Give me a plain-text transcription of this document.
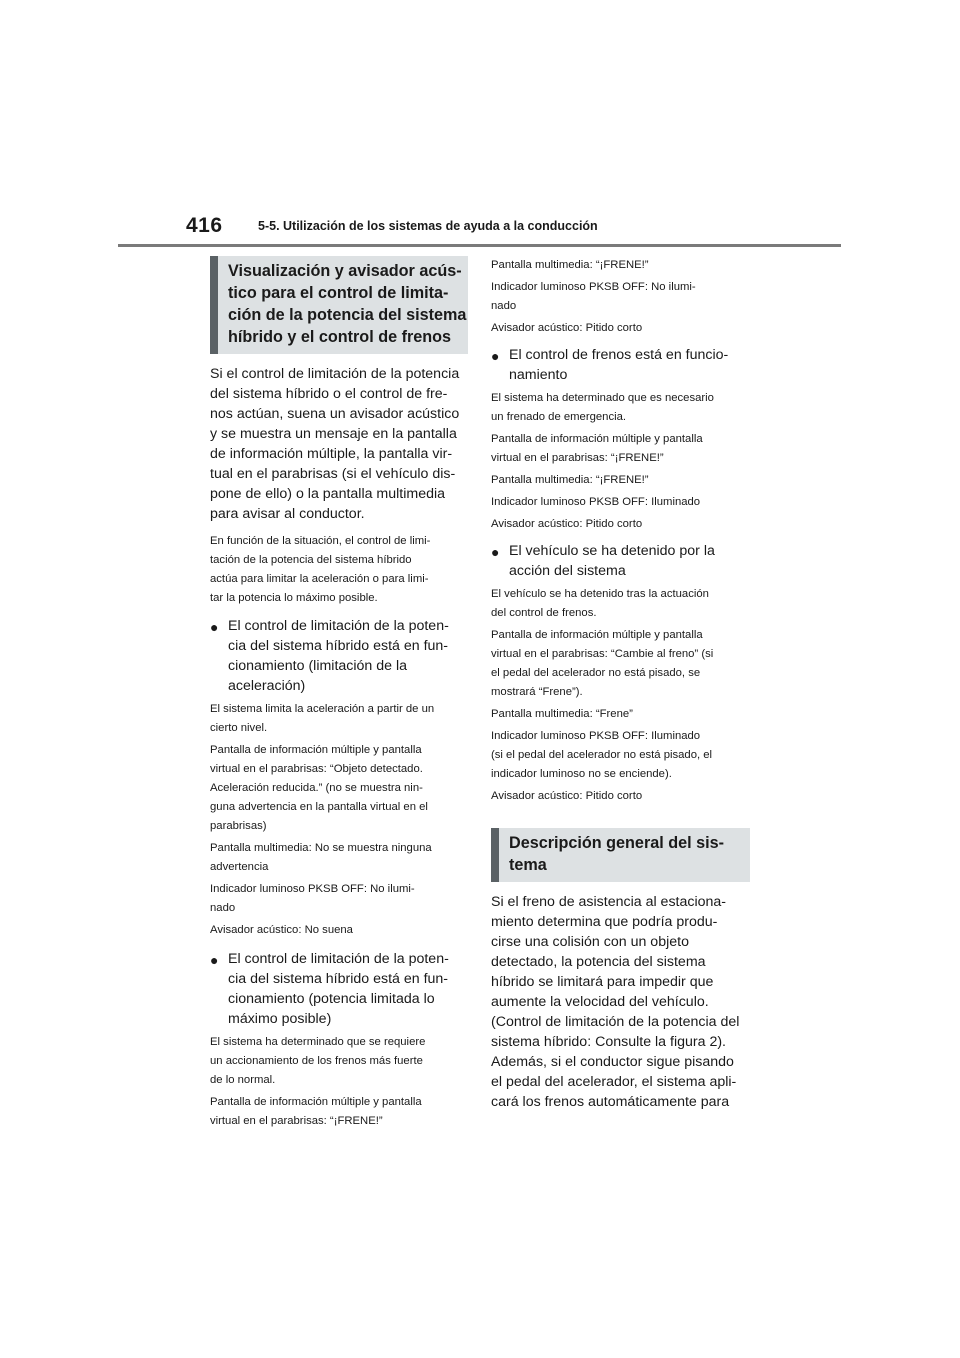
416	5-5. Utilización de los sistemas de ayuda a la conducción
Visualización y avisador acús-
tico para el control de limita-
ción de la potencia del sistema
híbrido y el control de frenos
Si el control de limitación de la potencia
del sistema híbrido o el control de fre-
nos actúan, suena un avisador acústico
y se muestra un mensaje en la pantalla
de información múltiple, la pantalla vir-
tual en el parabrisas (si el vehículo dis-
pone de ello) o la pantalla multimedia
para avisar al conductor.
En función de la situación, el control de limi-
tación de la potencia del sistema híbrido
actúa para limitar la aceleración o para limi-
tar la potencia lo máximo posible.
● El control de limitación de la poten-
cia del sistema híbrido está en fun-
cionamiento (limitación de la
aceleración)
El sistema limita la aceleración a partir de un
cierto nivel.
Pantalla de información múltiple y pantalla
virtual en el parabrisas: “Objeto detectado.
Aceleración reducida.” (no se muestra nin-
guna advertencia en la pantalla virtual en el
parabrisas)
Pantalla multimedia: No se muestra ninguna
advertencia
Indicador luminoso PKSB OFF: No ilumi-
nado
Avisador acústico: No suena
● El control de limitación de la poten-
cia del sistema híbrido está en fun-
cionamiento (potencia limitada lo
máximo posible)
El sistema ha determinado que se requiere
un accionamiento de los frenos más fuerte
de lo normal.
Pantalla de información múltiple y pantalla
virtual en el parabrisas: “¡FRENE!”
Pantalla multimedia: “¡FRENE!”
Indicador luminoso PKSB OFF: No ilumi-
nado
Avisador acústico: Pitido corto
● El control de frenos está en funcio-
namiento
El sistema ha determinado que es necesario
un frenado de emergencia.
Pantalla de información múltiple y pantalla
virtual en el parabrisas: “¡FRENE!”
Pantalla multimedia: “¡FRENE!”
Indicador luminoso PKSB OFF: Iluminado
Avisador acústico: Pitido corto
● El vehículo se ha detenido por la
acción del sistema
El vehículo se ha detenido tras la actuación
del control de frenos.
Pantalla de información múltiple y pantalla
virtual en el parabrisas: “Cambie al freno” (si
el pedal del acelerador no está pisado, se
mostrará “Frene”).
Pantalla multimedia: “Frene”
Indicador luminoso PKSB OFF: Iluminado
(si el pedal del acelerador no está pisado, el
indicador luminoso no se enciende).
Avisador acústico: Pitido corto
Descripción general del sis-
tema
Si el freno de asistencia al estaciona-
miento determina que podría produ-
cirse una colisión con un objeto
detectado, la potencia del sistema
híbrido se limitará para impedir que
aumente la velocidad del vehículo.
(Control de limitación de la potencia del
sistema híbrido: Consulte la figura 2).
Además, si el conductor sigue pisando
el pedal del acelerador, el sistema apli-
cará los frenos automáticamente para
